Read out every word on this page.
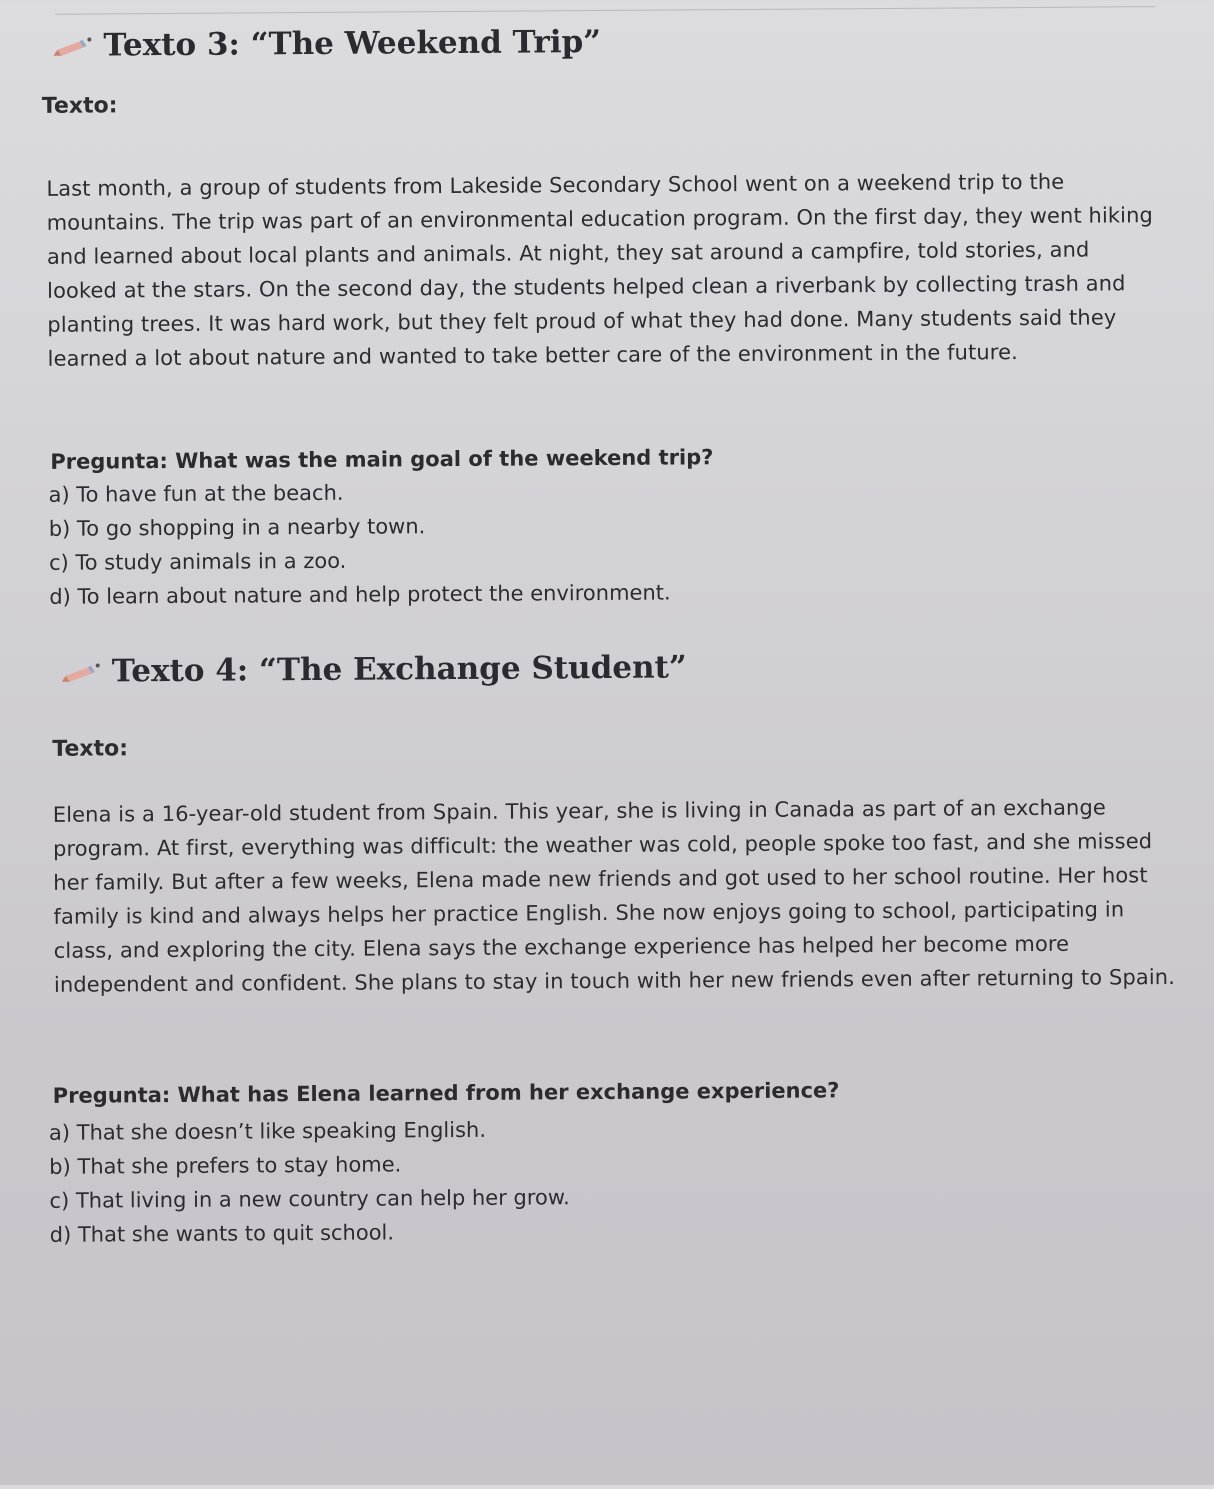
Texto 3: “The Weekend Trip”
Texto:
Last month, a group of students from Lakeside Secondary School went on a weekend trip to the mountains. The trip was part of an environmental education program. On the first day, they went hiking and learned about local plants and animals. At night, they sat around a campfire, told stories, and looked at the stars. On the second day, the students helped clean a riverbank by collecting trash and planting trees. It was hard work, but they felt proud of what they had done. Many students said they learned a lot about nature and wanted to take better care of the environment in the future.
Pregunta: What was the main goal of the weekend trip?
a) To have fun at the beach.
b) To go shopping in a nearby town.
c) To study animals in a zoo.
d) To learn about nature and help protect the environment.
Texto 4: “The Exchange Student”
Texto:
Elena is a 16-year-old student from Spain. This year, she is living in Canada as part of an exchange program. At first, everything was difficult: the weather was cold, people spoke too fast, and she missed her family. But after a few weeks, Elena made new friends and got used to her school routine. Her host family is kind and always helps her practice English. She now enjoys going to school, participating in class, and exploring the city. Elena says the exchange experience has helped her become more independent and confident. She plans to stay in touch with her new friends even after returning to Spain.
Pregunta: What has Elena learned from her exchange experience?
a) That she doesn’t like speaking English.
b) That she prefers to stay home.
c) That living in a new country can help her grow.
d) That she wants to quit school.
